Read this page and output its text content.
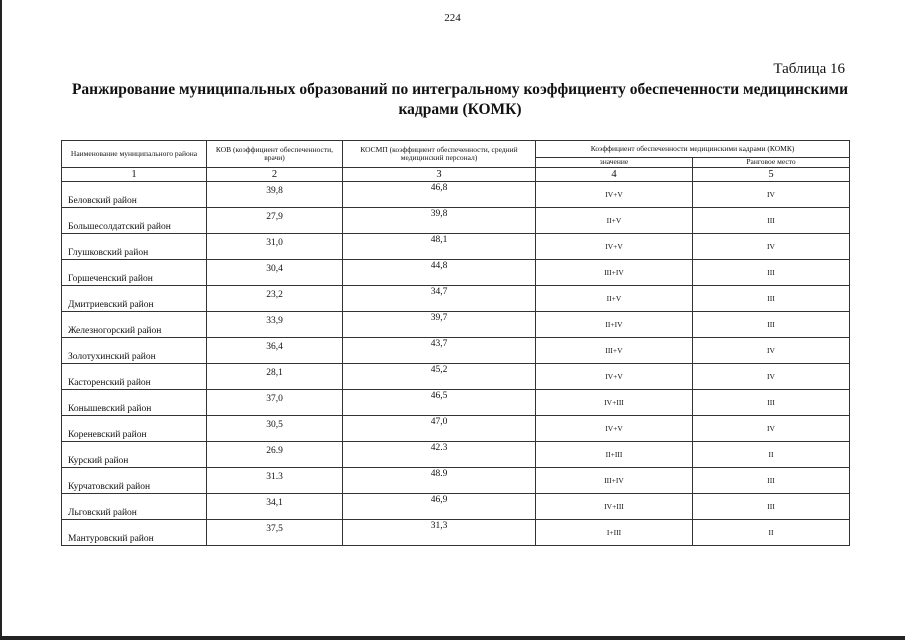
224
Таблица 16
Ранжирование муниципальных образований по интегральному коэффициенту обеспеченности медицинскими кадрами (КОМК)
Наименование муниципального района	КОВ (коэффициент обеспеченности, врачи)	КОСМП (коэффициент обеспеченности, средний медицинский персонал)	Коэффициент обеспеченности медицинскими кадрами (КОМК)	
			значение	Ранговое место
1	2	3	4	5

Беловский район	39,8	46,8	IV+V	IV

Большесолдатский район	27,9	39,8	II+V	III

Глушковский район	31,0	48,1	IV+V	IV

Горшеченский район	30,4	44,8	III+IV	III

Дмитриевский район	23,2	34,7	II+V	III

Железногорский район	33,9	39,7	II+IV	III

Золотухинский район	36,4	43,7	III+V	IV

Касторенский район	28,1	45,2	IV+V	IV

Конышевский район	37,0	46,5	IV+III	III

Кореневский район	30,5	47,0	IV+V	IV

Курский район	26.9	42.3	II+III	II

Курчатовский район	31.3	48.9	III+IV	III

Льговский район	34,1	46,9	IV+III	III

Мантуровский район	37,5	31,3	I+III	II
